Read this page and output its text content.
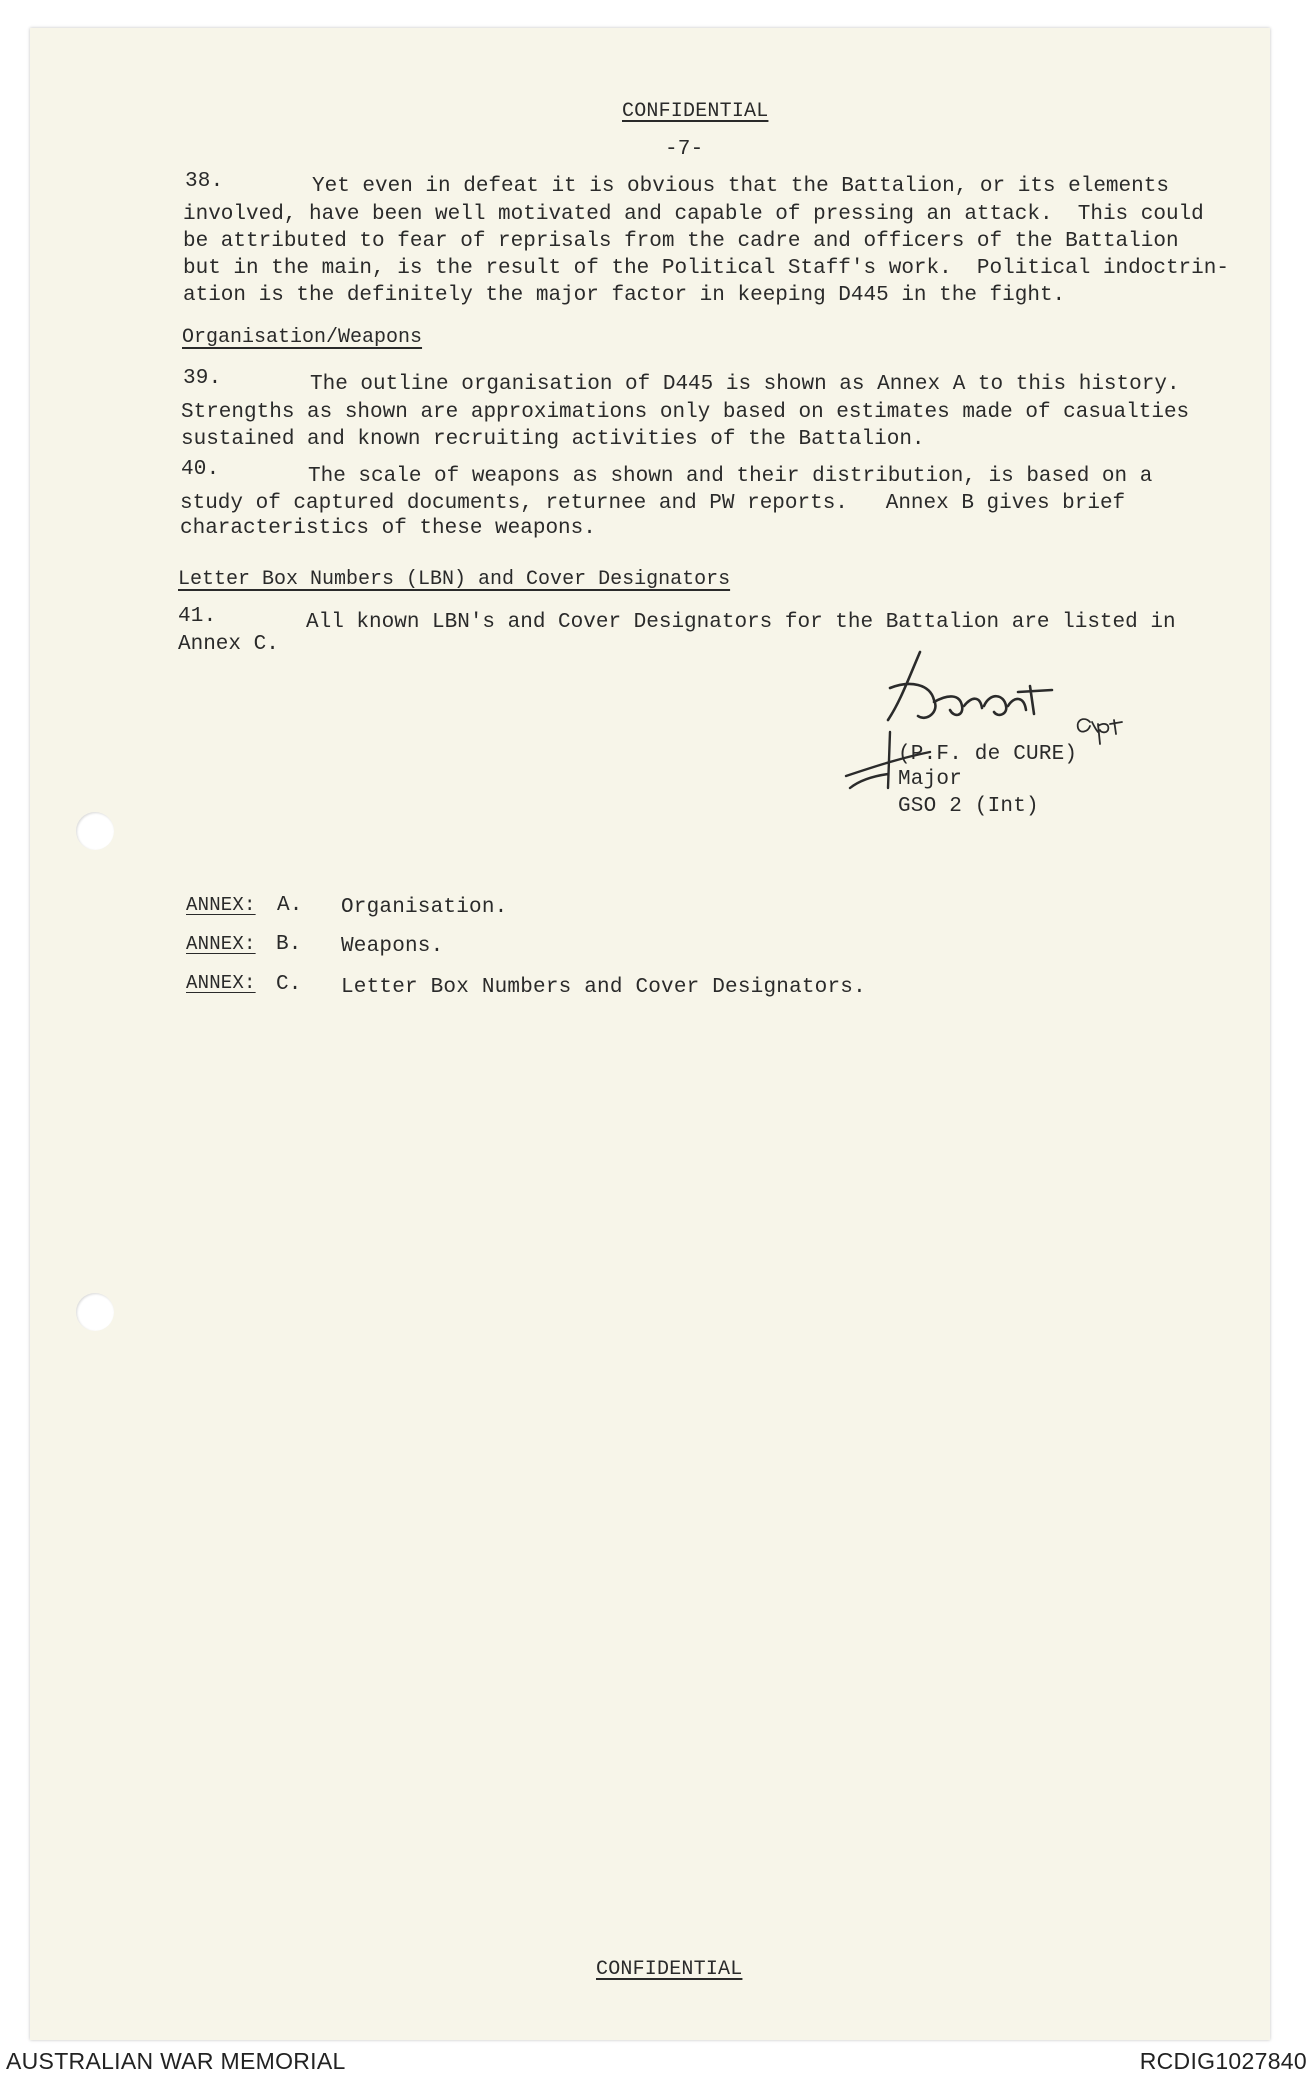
CONFIDENTIAL
-7-
38.	Yet even in defeat it is obvious that the Battalion, or its elements
involved, have been well motivated and capable of pressing an attack.  This could
be attributed to fear of reprisals from the cadre and officers of the Battalion
but in the main, is the result of the Political Staff's work.  Political indoctrin-
ation is the definitely the major factor in keeping D445 in the fight.
Organisation/Weapons
39.	The outline organisation of D445 is shown as Annex A to this history.
Strengths as shown are approximations only based on estimates made of casualties
sustained and known recruiting activities of the Battalion.
40.	The scale of weapons as shown and their distribution, is based on a
study of captured documents, returnee and PW reports.   Annex B gives brief
characteristics of these weapons.
Letter Box Numbers (LBN) and Cover Designators
41.	All known LBN's and Cover Designators for the Battalion are listed in
Annex C.
(P.F. de CURE)
Major
GSO 2 (Int)
ANNEX: A. Organisation.
ANNEX: B. Weapons.
ANNEX: C. Letter Box Numbers and Cover Designators.
CONFIDENTIAL
AUSTRALIAN WAR MEMORIAL	RCDIG1027840
